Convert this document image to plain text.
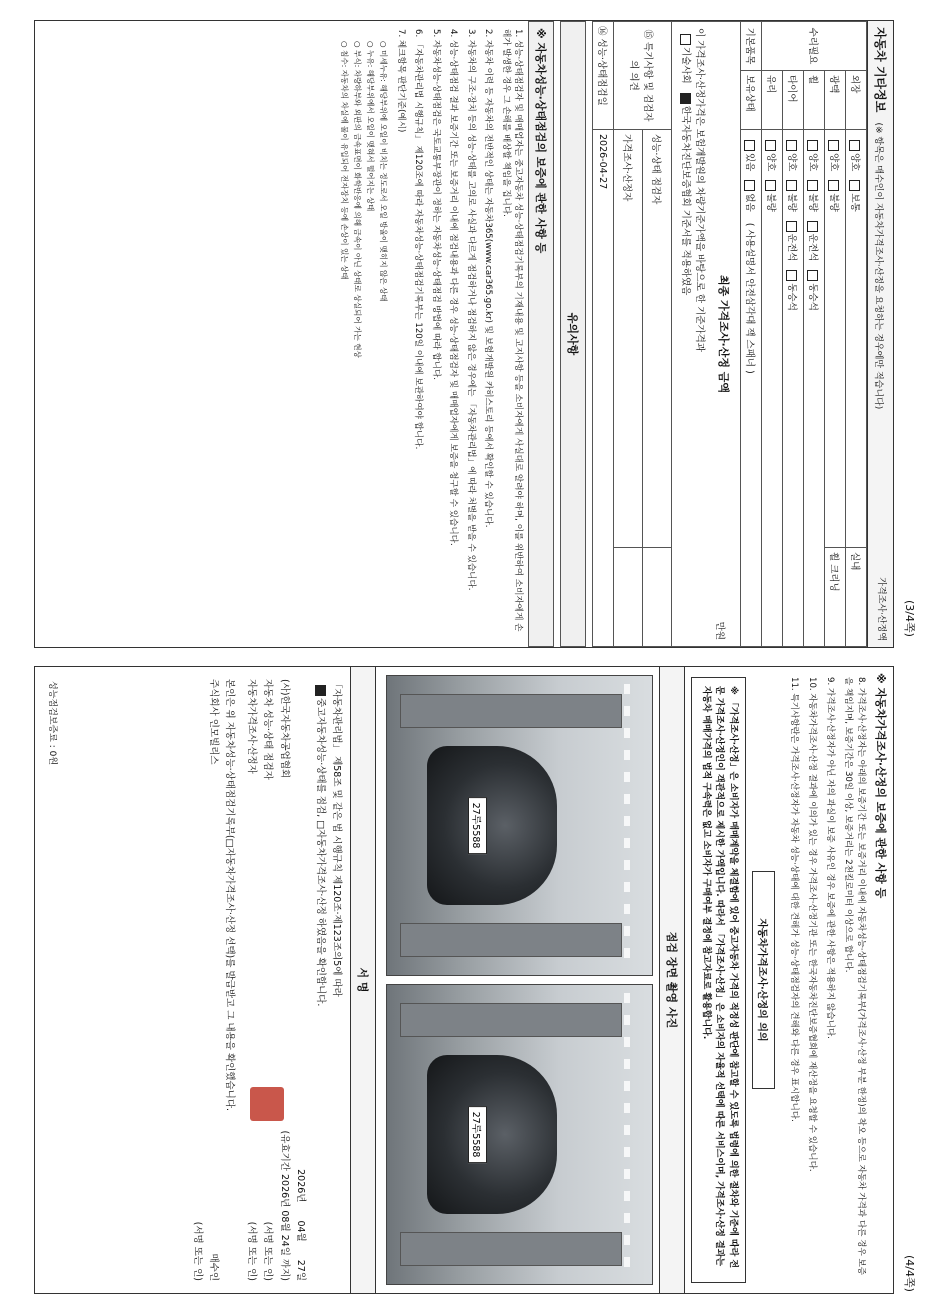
(3/4쪽)
(4/4쪽)
자동차 기타정보 (※ 항목은 매수인이 자동차가격조사·산정을 요청하는 경우에만 적습니다)
가격조사·산정액
수리필요	외장	양호 보통	실내
	광택	양호 불량	휠 크리닝
	휠	양호 불량 운전석 동승석	
	타이어	양호 불량 운전석 동승석	
	유리	양호 불량	
기본품목	보유상태	있음 없음 ( 사용설명서 안전삼각대 잭 스패너 )	

최종 가격조사·산정 금액
만원
이 가격조사·산정가격은 보험개발원의 차량기준가액을 바탕으로 한 기준가격과
기술사회 한국자동차진단보증협회 기준서를 적용하였음			

⑮ 특기사항 및 검검자의 의견		성능·상태 점검자	
		가격조사·산정자	
⑯ 성능·상태점검일		2026-04-27	
유의사항
※ 자동차성능·상태점검의 보증에 관한 사항 등

1. 성능·상태점검자 및 매매업자는 중고자동차 성능·상태점검기록부의 기재내용 및 고지사항 등을 소비자에게 사실대로 알려야 하며, 이를 위반하여 소비자에게 손해가 발생한 경우 그 손해를 배상할 책임을 집니다.

2. 자동차 이력 등 자동차의 전반적인 상태는 자동차365(www.car365.go.kr) 및 보험개발원 카히스토리 등에서 확인할 수 있습니다.

3. 자동차의 구조·장치 등의 성능·상태를 고의로 사실과 다르게 점검하거나 점검하지 않은 경우에는 「자동차관리법」에 따라 처벌을 받을 수 있습니다.

4. 성능·상태점검 결과 보증기간 또는 보증거리 이내에 점검내용과 다른 경우 성능·상태점검자 및 매매업자에게 보증을 청구할 수 있습니다.

5. 자동차성능·상태점검은 국토교통부장관이 정하는 자동차성능·상태점검 방법에 따라 합니다.

6. 「자동차관리법 시행규칙」 제120조에 따라 자동차성능·상태점검기록부는 120일 이내에 보관하여야 합니다.

7. 체크항목 판단기준(예시)

○ 미세누유: 해당부위에 오일이 비치는 정도로서 오일 방울이 맺히지 않은 상태

○ 누유: 해당부위에서 오일이 맺혀서 떨어지는 상태

○ 부식: 차량하부와 외판의 금속표면이 화학반응에 의해 금속이 아닌 상태로 상실되어 가는 현상

○ 침수: 자동차의 차실에 물이 유입되어 전자장치 등에 손상이 있는 상태

※ 자동차가격조사·산정의 보증에 관한 사항 등

8. 가격조사·산정자는 아래의 보증기간 또는 보증거리 이내에 자동차성능·상태점검기록부(가격조사·산정 부분 한정)의 착오 등으로 자동차 가격과 다른 경우 보증을 책임지며, 보증기간은 30일 이상, 보증거리는 2천킬로미터 이상으로 합니다.

9. 가격조사·산정자가 아닌 자의 과실이 보증 사유인 경우 보증에 관한 사항은 적용하지 않습니다.

10. 자동차가격조사·산정 결과에 이의가 있는 경우 가격조사·산정기관 또는 한국자동차진단보증협회에 재산정을 요청할 수 있습니다.

11. 특기사항란은 가격조사·산정자가 자동차 성능·상태에 대한 견해가 성능·상태점검자의 견해와 다른 경우 표시합니다.

자동차가격조사·산정의 의의
※ 「가격조사·산정」은 소비자가 매매계약을 체결함에 있어 중고자동차 가격의 적정성 판단에 참고할 수 있도록 법령에 의한 절차와 기준에 따라 전문 가격조사·산정인이 객관적으로 제시한 가액입니다. 따라서 「가격조사·산정」은 소비자의 자율적 선택에 따른 서비스이며, 가격조사·산정 결과는 자동차 매매가격의 법적 구속력은 없고 소비자가 구매여부 결정에 참고자료로 활용합니다.
점검 장면 촬영 사진
27루5588
27루5588
서 명
「자동차관리법」 제58조 및 같은 법 시행규칙 제120조·제123조의5에 따라
중고자동차성능·상태를 점검, □자동차가격조사·산정 하였음을 확인합니다.
2026년
04월
27일
(사)한국자동차공업협회
(유효기간 2026년 08월 24일 까지)
자동차 성능·상태 점검자
(서명 또는 인)
자동차가격조사·산정자
(서명 또는 인)
본인은 위 자동차성능·상태점검기록부(□자동차가격조사·산정 선택)를 발급받고 그 내용을 확인했습니다.
주식회사 인모빌리스
매수인
(서명 또는 인)
성능점검보증료 : 0원
